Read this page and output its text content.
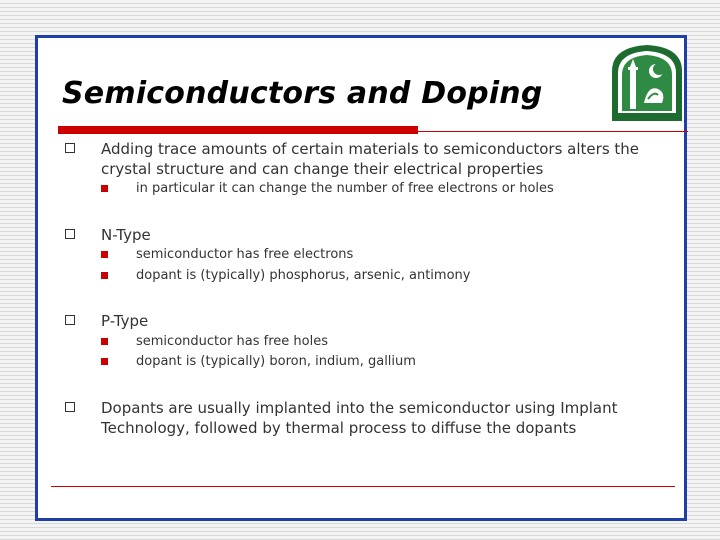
Semiconductors and Doping
Adding trace amounts of certain materials to semiconductors alters the crystal structure and can change their electrical properties
in particular it can change the number of free electrons or holes
N-Type
semiconductor has free electrons
dopant is (typically) phosphorus, arsenic, antimony
P-Type
semiconductor has free holes
dopant is (typically) boron, indium, gallium
Dopants are usually implanted into the semiconductor using Implant Technology, followed by thermal process to diffuse the dopants
